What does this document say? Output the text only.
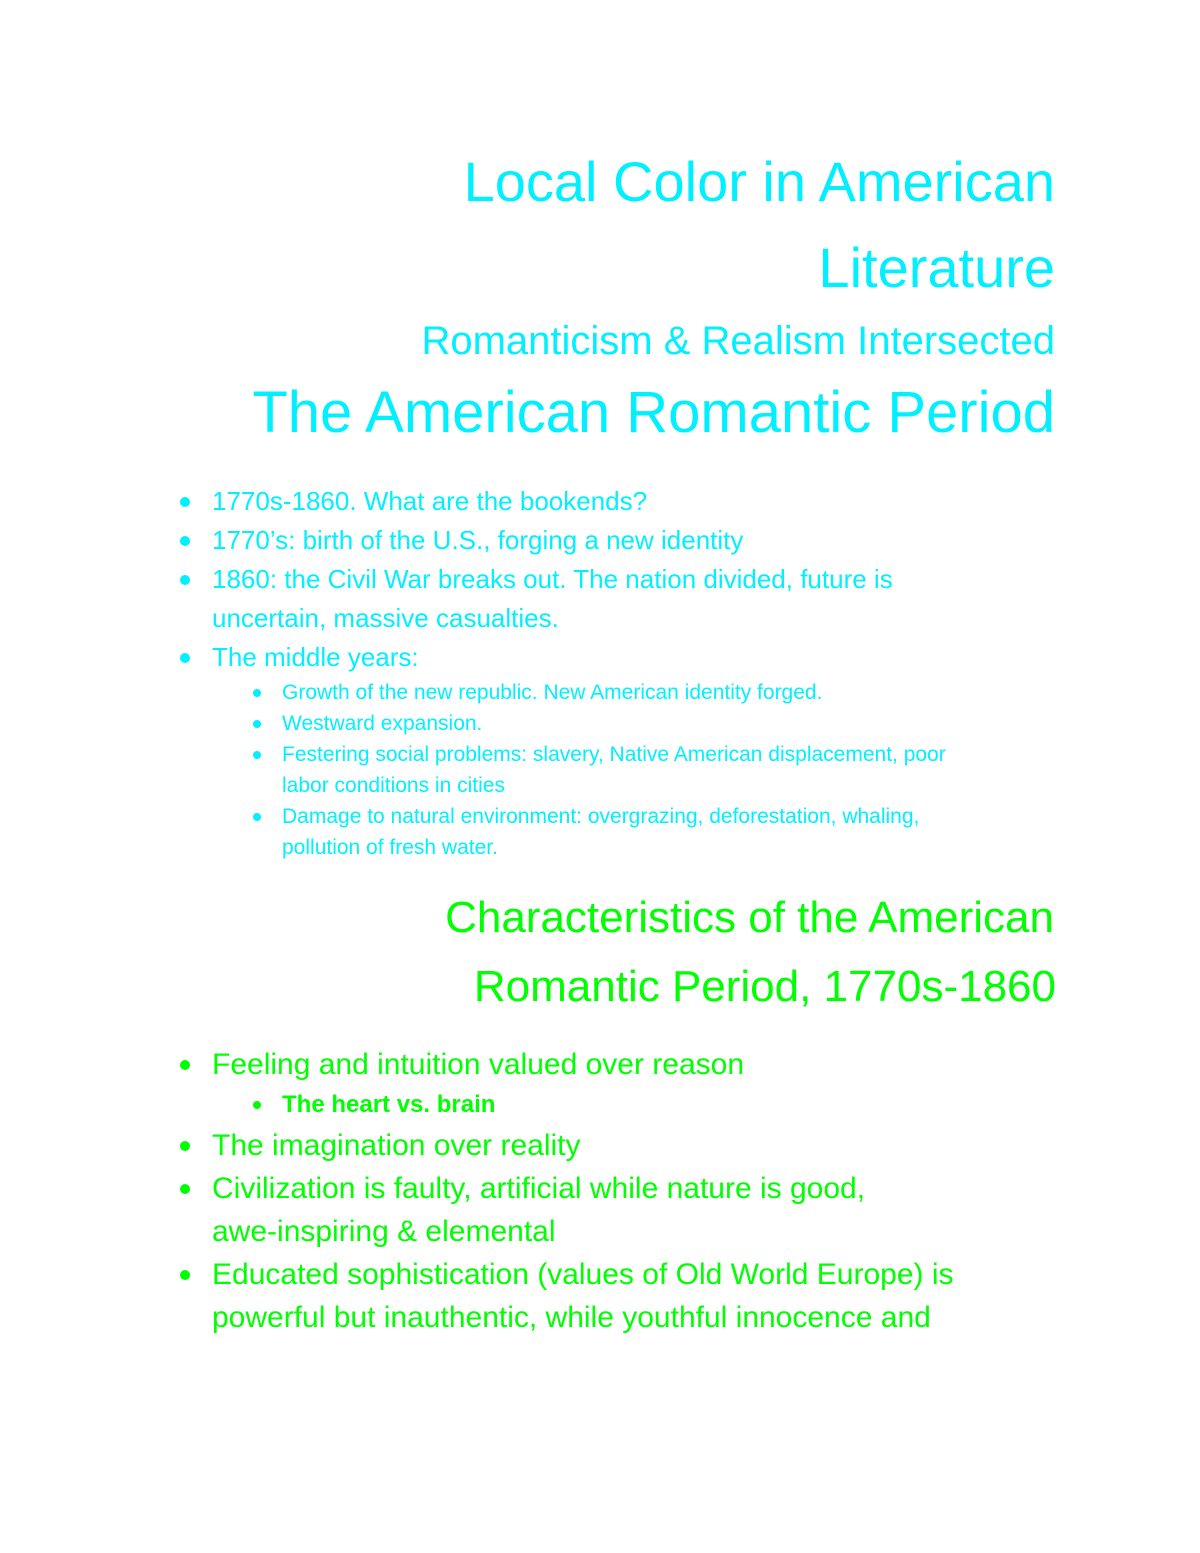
Local Color in American
Literature
Romanticism & Realism Intersected
The American Romantic Period
1770s-1860. What are the bookends?
1770’s: birth of the U.S., forging a new identity
1860: the Civil War breaks out. The nation divided, future is
uncertain, massive casualties.
The middle years:
Growth of the new republic. New American identity forged.
Westward expansion.
Festering social problems: slavery, Native American displacement, poor
labor conditions in cities
Damage to natural environment: overgrazing, deforestation, whaling,
pollution of fresh water.
Characteristics of the American
Romantic Period, 1770s-1860
Feeling and intuition valued over reason
The heart vs. brain
The imagination over reality
Civilization is faulty, artificial while nature is good,
awe-inspiring & elemental
Educated sophistication (values of Old World Europe) is
powerful but inauthentic, while youthful innocence and
